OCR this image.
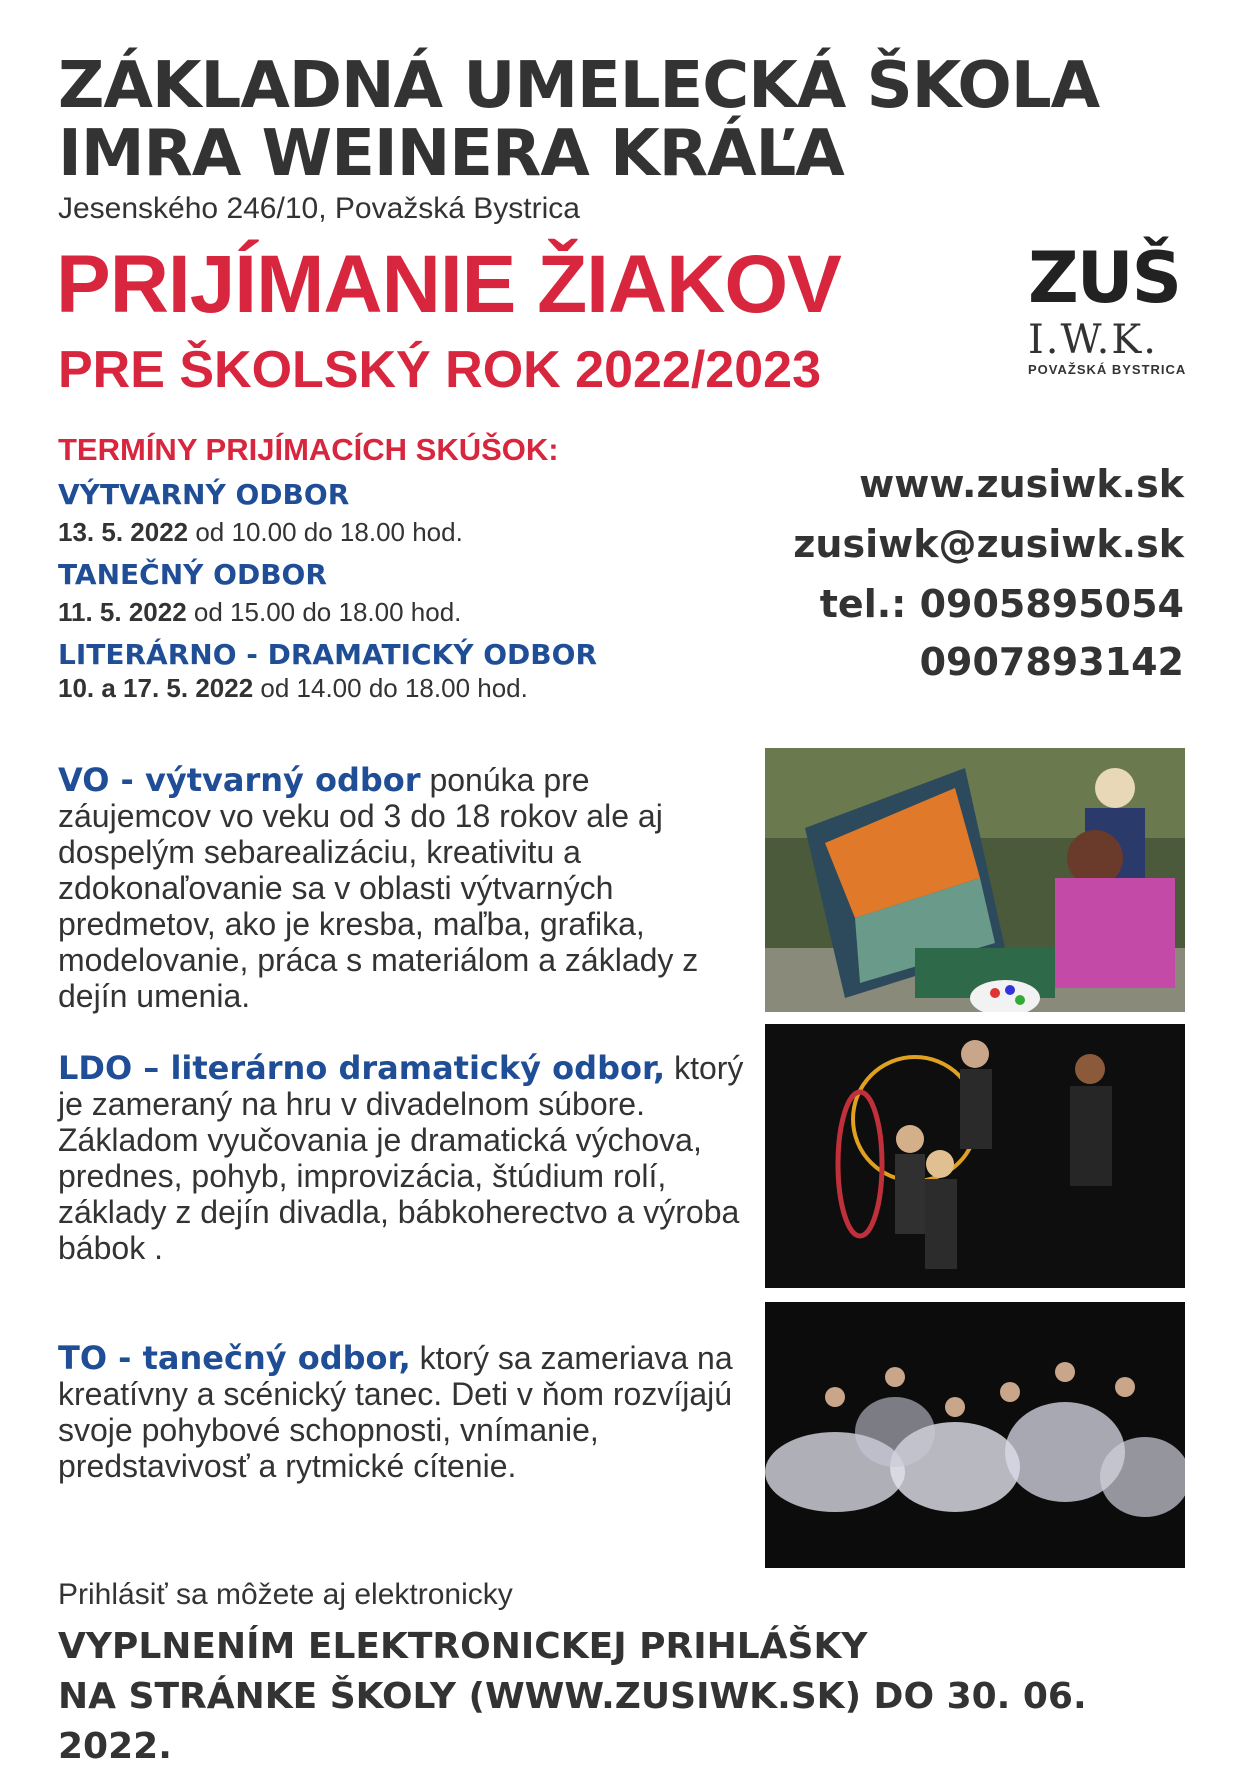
ZÁKLADNÁ UMELECKÁ ŠKOLA
IMRA WEINERA KRÁĽA
Jesenského 246/10, Považská Bystrica
PRIJÍMANIE ŽIAKOV
PRE ŠKOLSKÝ ROK 2022/2023
ZUŠ
I.W.K.
POVAŽSKÁ BYSTRICA
TERMÍNY PRIJÍMACÍCH SKÚŠOK:
VÝTVARNÝ ODBOR
13. 5. 2022 od 10.00 do 18.00 hod.
TANEČNÝ ODBOR
11. 5. 2022 od 15.00 do 18.00 hod.
LITERÁRNO - DRAMATICKÝ ODBOR
10. a 17. 5. 2022 od 14.00 do 18.00 hod.
www.zusiwk.sk
zusiwk@zusiwk.sk
tel.: 0905895054
0907893142
VO - výtvarný odbor ponúka pre záujemcov vo veku od 3 do 18 rokov ale aj dospelým sebarealizáciu, kreativitu a zdokonaľovanie sa v oblasti výtvarných predmetov, ako je kresba, maľba, grafika, modelovanie, práca s materiálom a základy z dejín umenia.
LDO – literárno dramatický odbor, ktorý je zameraný na hru v divadelnom súbore. Základom vyučovania je dramatická výchova, prednes, pohyb, improvizácia, štúdium rolí, základy z dejín divadla, bábkoherectvo a výroba bábok .
TO - tanečný odbor, ktorý sa zameriava na kreatívny a scénický tanec. Deti v ňom rozvíjajú svoje pohybové schopnosti, vnímanie, predstavivosť a rytmické cítenie.
Prihlásiť sa môžete aj elektronicky
VYPLNENÍM ELEKTRONICKEJ PRIHLÁŠKY
NA STRÁNKE ŠKOLY (WWW.ZUSIWK.SK) DO 30. 06. 2022.
